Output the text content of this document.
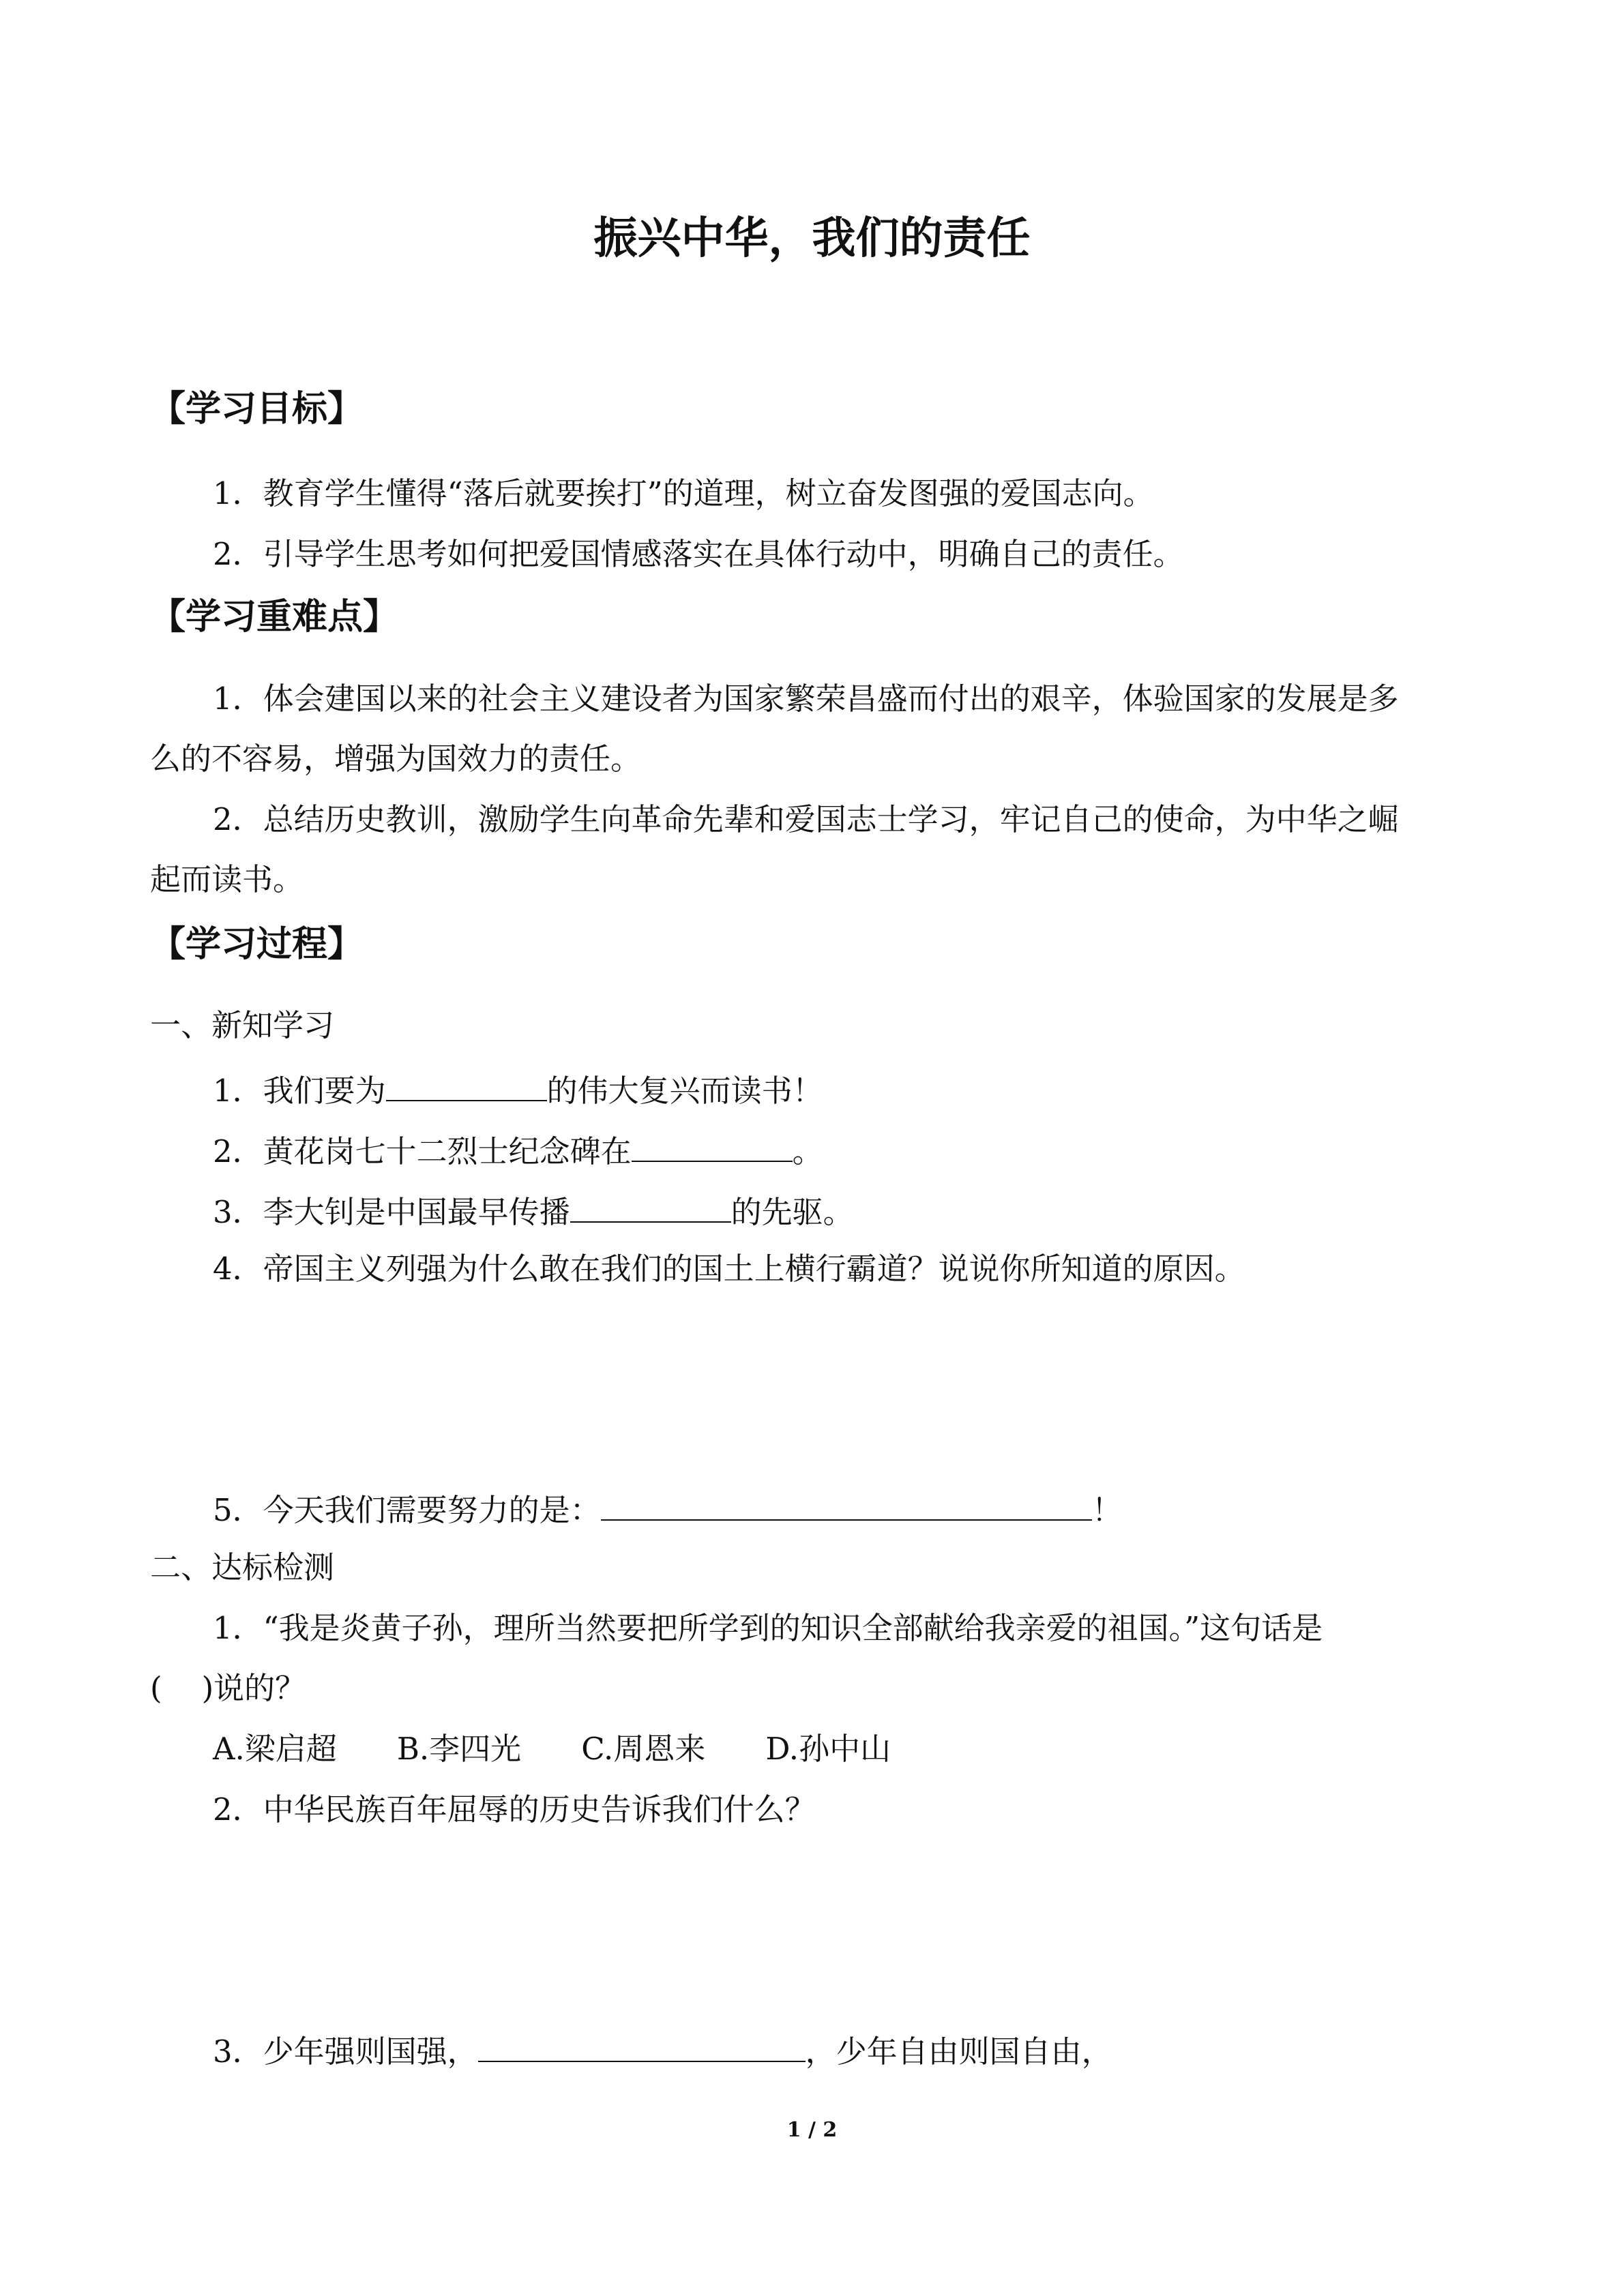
振兴中华，我们的责任
【学习目标】
1．教育学生懂得“落后就要挨打”的道理，树立奋发图强的爱国志向。
2．引导学生思考如何把爱国情感落实在具体行动中，明确自己的责任。
【学习重难点】
1．体会建国以来的社会主义建设者为国家繁荣昌盛而付出的艰辛，体验国家的发展是多
么的不容易，增强为国效力的责任。
2．总结历史教训，激励学生向革命先辈和爱国志士学习，牢记自己的使命，为中华之崛
起而读书。
【学习过程】
一、新知学习
1．我们要为	的伟大复兴而读书！
2．黄花岗七十二烈士纪念碑在	。
3．李大钊是中国最早传播	的先驱。
4．帝国主义列强为什么敢在我们的国土上横行霸道？说说你所知道的原因。
5．今天我们需要努力的是：	！
二、达标检测
1．“我是炎黄子孙，理所当然要把所学到的知识全部献给我亲爱的祖国。”这句话是
( )说的？
A.梁启超 B.李四光 C.周恩来 D.孙中山
2．中华民族百年屈辱的历史告诉我们什么？
3．少年强则国强，	，少年自由则国自由，
1 / 2
